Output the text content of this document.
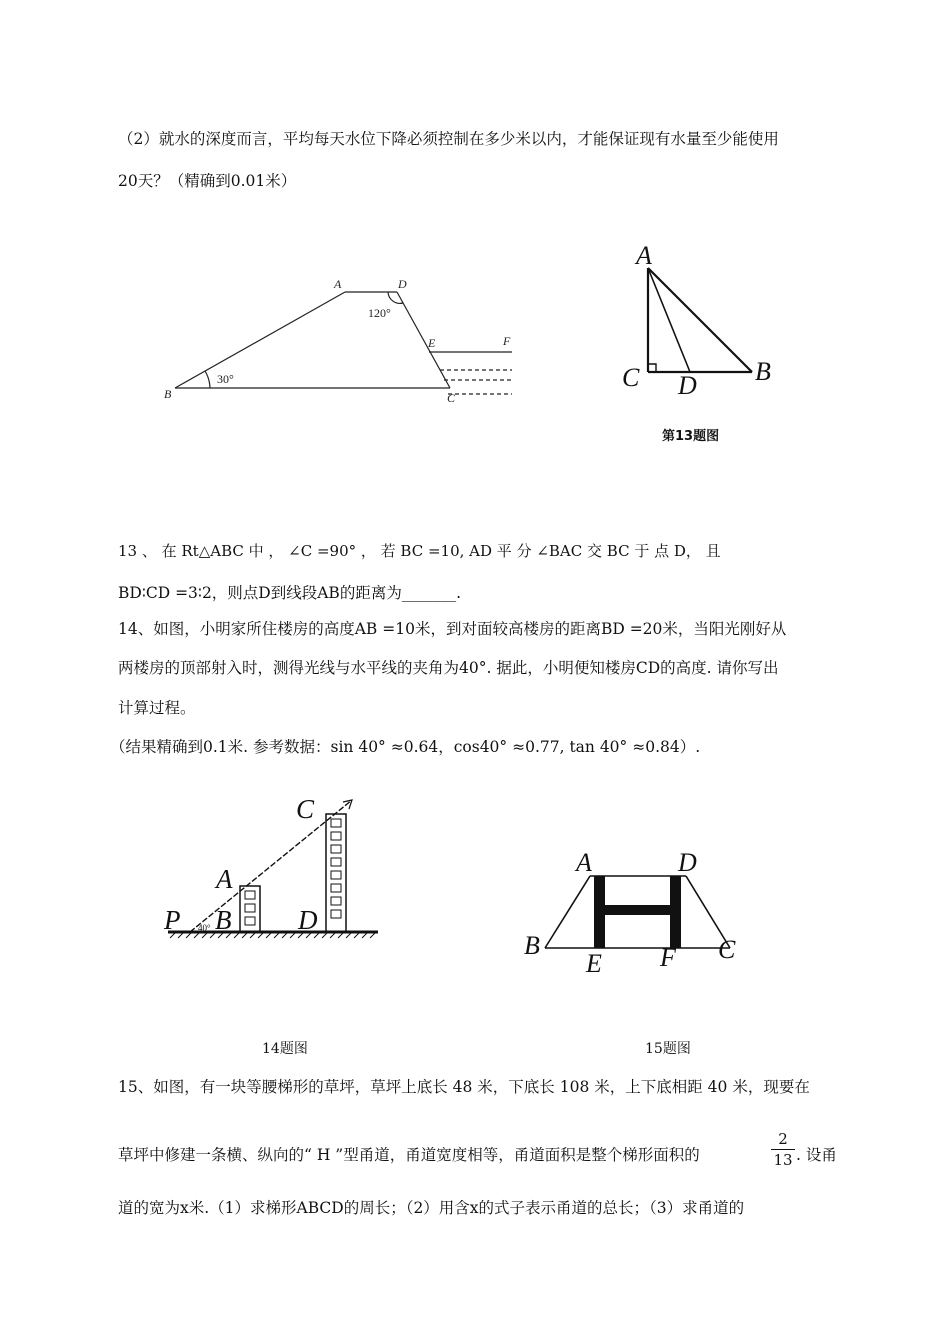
（2）就水的深度而言，平均每天水位下降必须控制在多少米以内，才能保证现有水量至少能使用
20天？（精确到0.01米）
13 、 在 Rt△ABC 中 ， ∠C =90° ， 若 BC =10, AD 平 分 ∠BAC 交 BC 于 点 D， 且
BD∶CD =3∶2，则点D到线段AB的距离为_______.
14、如图，小明家所住楼房的高度AB =10米，到对面较高楼房的距离BD =20米，当阳光刚好从
两楼房的顶部射入时，测得光线与水平线的夹角为40°. 据此，小明便知楼房CD的高度. 请你写出
计算过程。
（结果精确到0.1米. 参考数据：sin 40° ≈0.64，cos40° ≈0.77, tan 40° ≈0.84）.
15、如图，有一块等腰梯形的草坪，草坪上底长 48 米，下底长 108 米，上下底相距 40 米，现要在
草坪中修建一条横、纵向的“ H ”型甬道，甬道宽度相等，甬道面积是整个梯形面积的
2
13 . 设甬
道的宽为x米.（1）求梯形ABCD的周长；（2）用含x的式子表示甬道的总长；（3）求甬道的
第13题图
14题图	15题图
A	D
B	C
E	F
120°
30°
A
C D B
C
A
P B D
40°
A	D
B	C
E F
